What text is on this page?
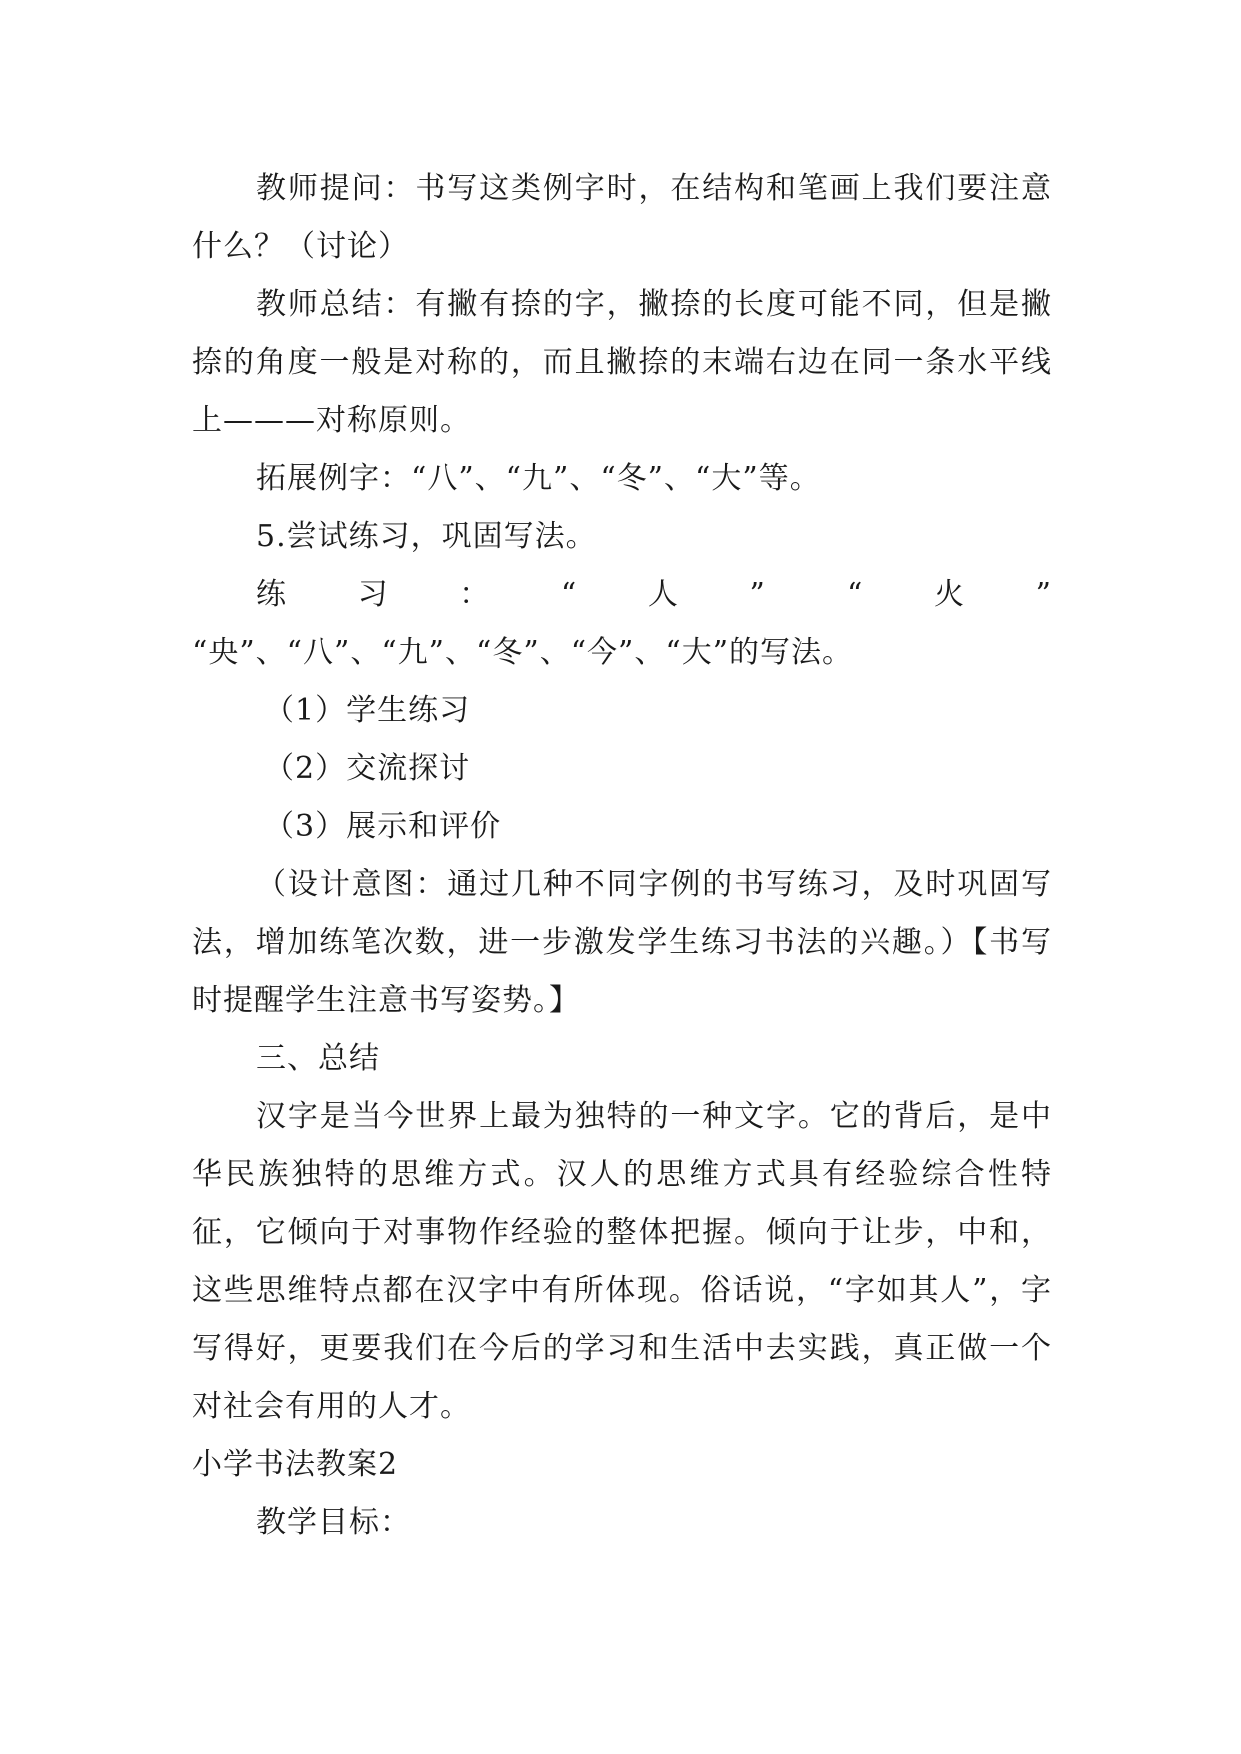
教师提问：书写这类例字时，在结构和笔画上我们要注意什么？（讨论）

教师总结：有撇有捺的字，撇捺的长度可能不同，但是撇捺的角度一般是对称的，而且撇捺的末端右边在同一条水平线上———对称原则。

拓展例字：“八”、“九”、“冬”、“大”等。

5.尝试练习，巩固写法。

练习：“人” “火” “央”、“八”、“九”、“冬”、“今”、“大”的写法。

（1）学生练习

（2）交流探讨

（3）展示和评价

（设计意图：通过几种不同字例的书写练习，及时巩固写法，增加练笔次数，进一步激发学生练习书法的兴趣。）【书写时提醒学生注意书写姿势。】

三、总结

汉字是当今世界上最为独特的一种文字。它的背后，是中华民族独特的思维方式。汉人的思维方式具有经验综合性特征，它倾向于对事物作经验的整体把握。倾向于让步，中和，这些思维特点都在汉字中有所体现。俗话说，“字如其人”，字写得好，更要我们在今后的学习和生活中去实践，真正做一个对社会有用的人才。

小学书法教案2

教学目标：
